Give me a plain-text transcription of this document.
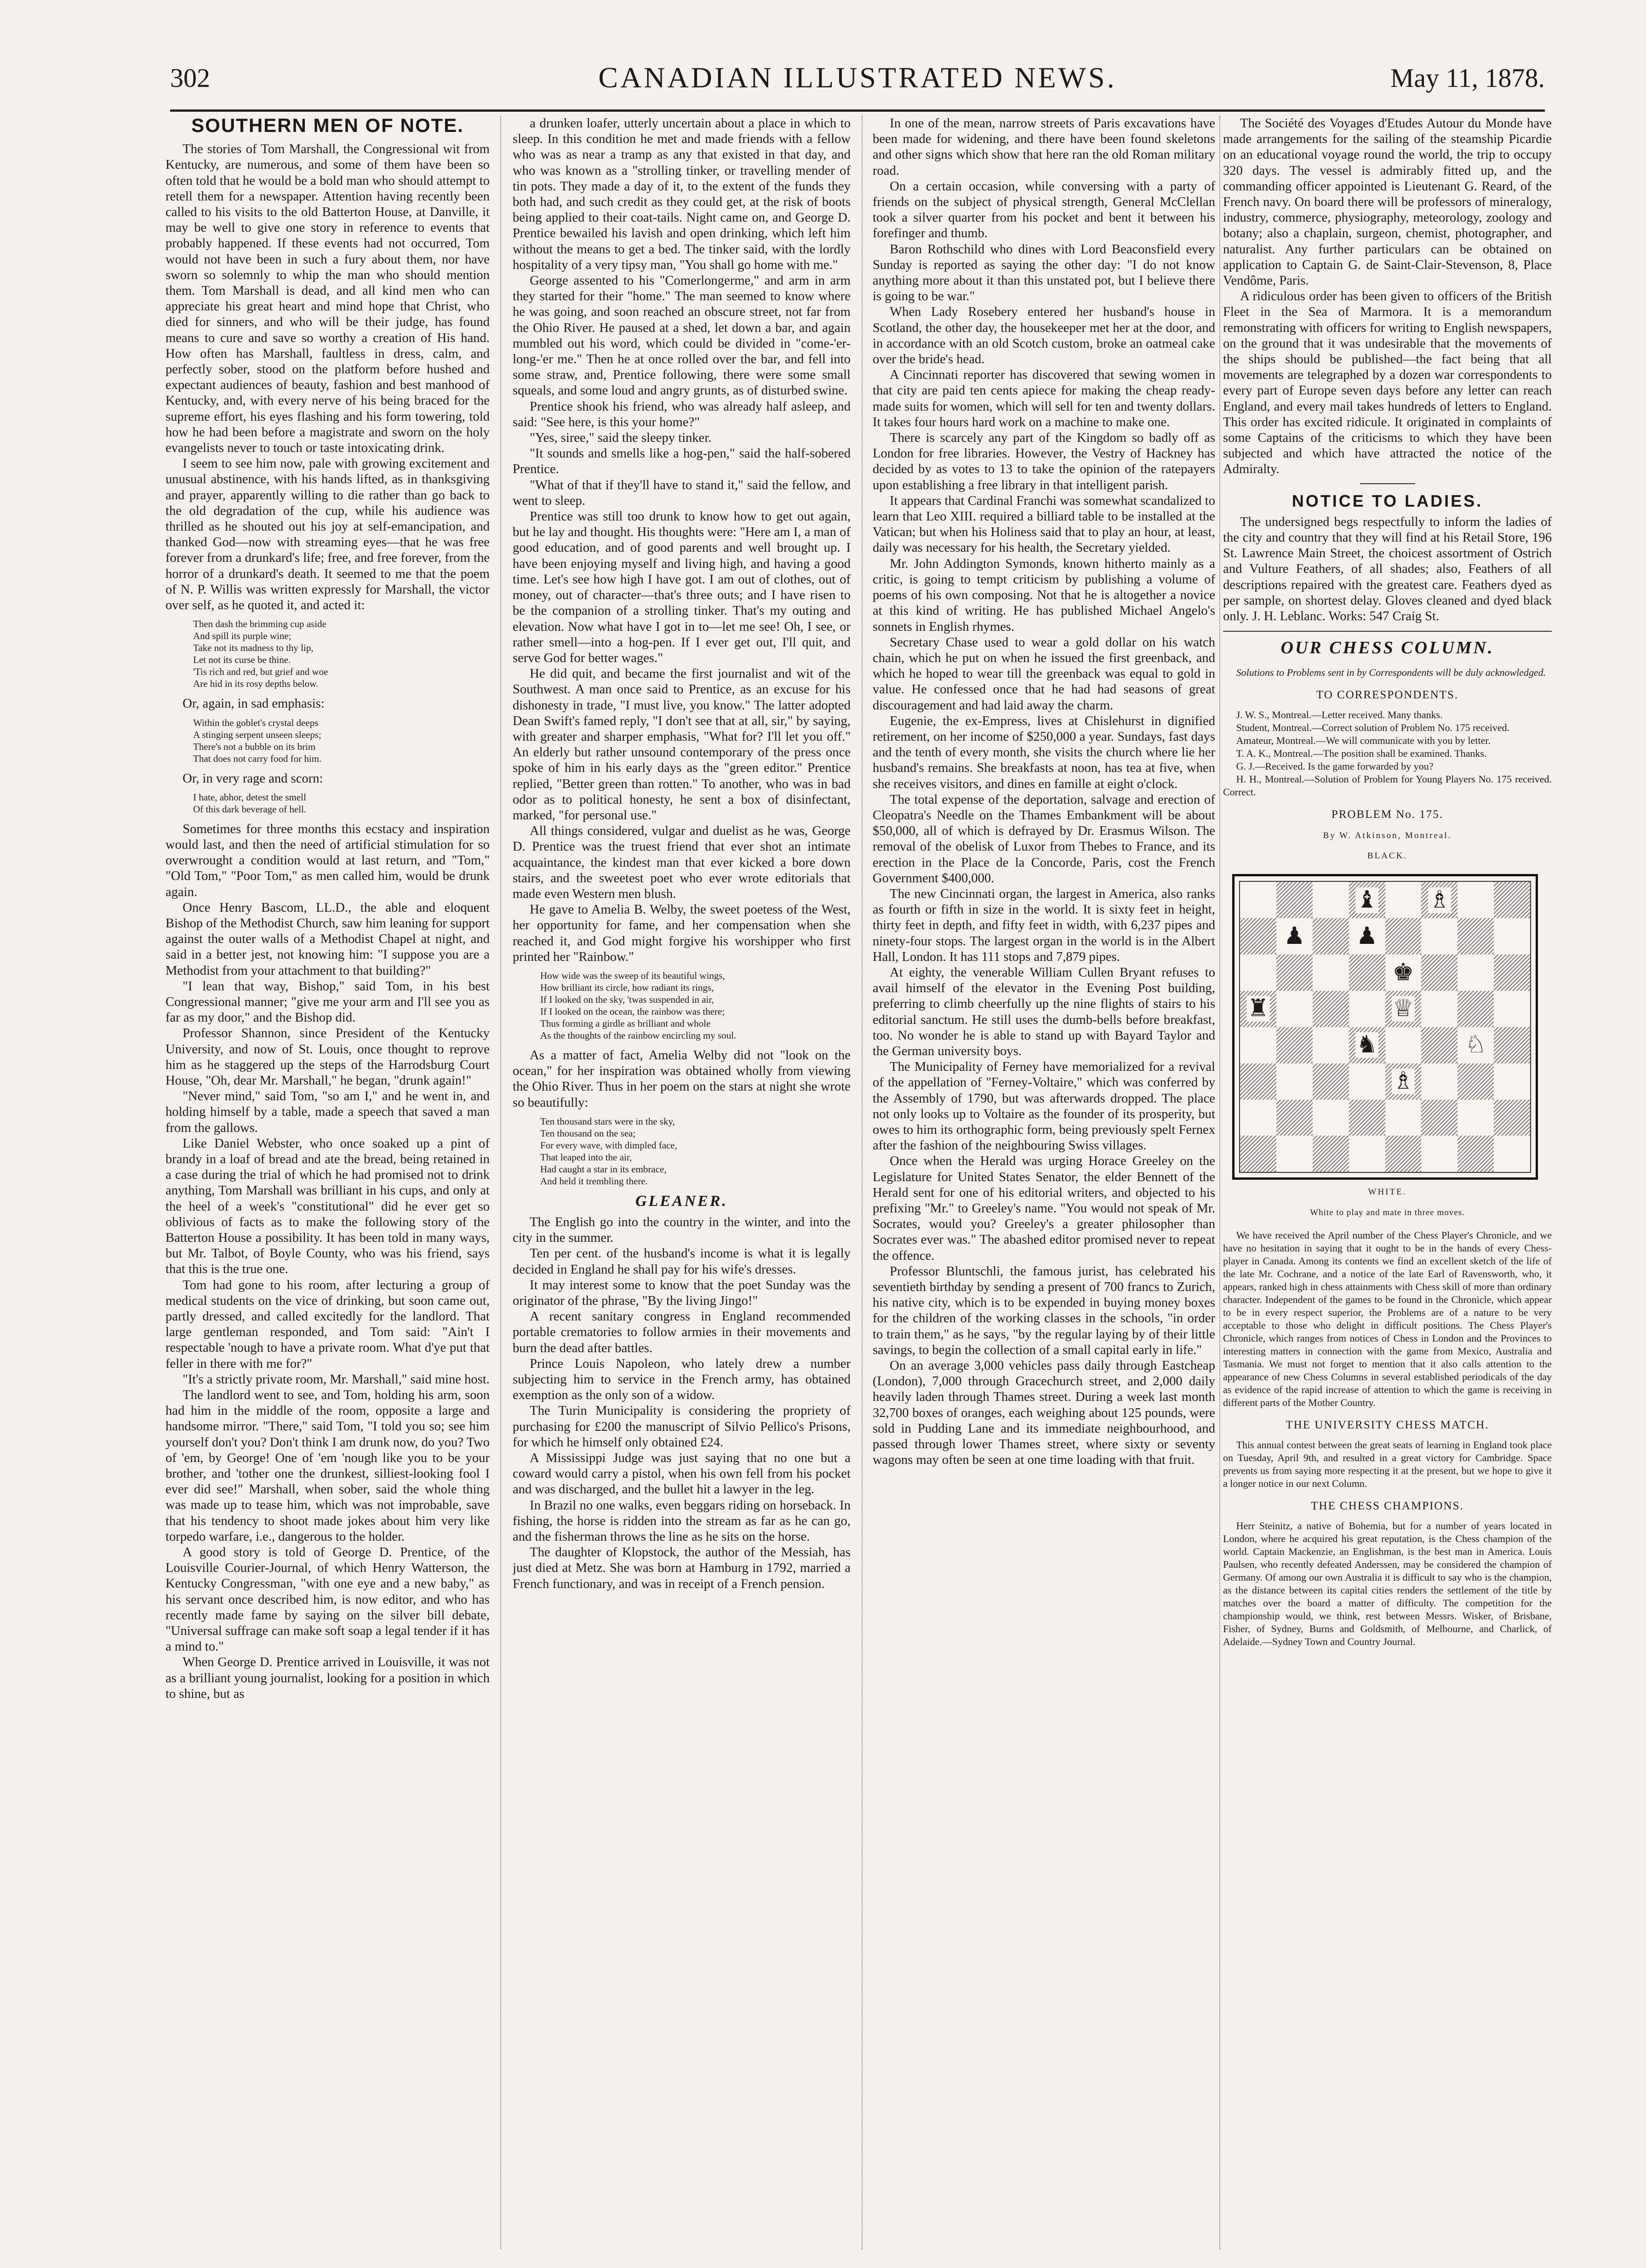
302	CANADIAN ILLUSTRATED NEWS.	May 11, 1878.
SOUTHERN MEN OF NOTE.

The stories of Tom Marshall, the Congressional wit from Kentucky, are numerous, and some of them have been so often told that he would be a bold man who should attempt to retell them for a newspaper. Attention having recently been called to his visits to the old Batterton House, at Danville, it may be well to give one story in reference to events that probably happened. If these events had not occurred, Tom would not have been in such a fury about them, nor have sworn so solemnly to whip the man who should mention them. Tom Marshall is dead, and all kind men who can appreciate his great heart and mind hope that Christ, who died for sinners, and who will be their judge, has found means to cure and save so worthy a creation of His hand. How often has Marshall, faultless in dress, calm, and perfectly sober, stood on the platform before hushed and expectant audiences of beauty, fashion and best manhood of Kentucky, and, with every nerve of his being braced for the supreme effort, his eyes flashing and his form towering, told how he had been before a magistrate and sworn on the holy evangelists never to touch or taste intoxicating drink.

I seem to see him now, pale with growing excitement and unusual abstinence, with his hands lifted, as in thanksgiving and prayer, apparently willing to die rather than go back to the old degradation of the cup, while his audience was thrilled as he shouted out his joy at self-emancipation, and thanked God—now with streaming eyes—that he was free forever from a drunkard's life; free, and free forever, from the horror of a drunkard's death. It seemed to me that the poem of N. P. Willis was written expressly for Marshall, the victor over self, as he quoted it, and acted it:

Then dash the brimming cup aside
And spill its purple wine;
Take not its madness to thy lip,
Let not its curse be thine.
'Tis rich and red, but grief and woe
Are hid in its rosy depths below.

Or, again, in sad emphasis:

Within the goblet's crystal deeps
A stinging serpent unseen sleeps;
There's not a bubble on its brim
That does not carry food for him.

Or, in very rage and scorn:

I hate, abhor, detest the smell
Of this dark beverage of hell.

Sometimes for three months this ecstacy and inspiration would last, and then the need of artificial stimulation for so overwrought a condition would at last return, and "Tom," "Old Tom," "Poor Tom," as men called him, would be drunk again.

Once Henry Bascom, LL.D., the able and eloquent Bishop of the Methodist Church, saw him leaning for support against the outer walls of a Methodist Chapel at night, and said in a better jest, not knowing him: "I suppose you are a Methodist from your attachment to that building?"

"I lean that way, Bishop," said Tom, in his best Congressional manner; "give me your arm and I'll see you as far as my door," and the Bishop did.

Professor Shannon, since President of the Kentucky University, and now of St. Louis, once thought to reprove him as he staggered up the steps of the Harrodsburg Court House, "Oh, dear Mr. Marshall," he began, "drunk again!"

"Never mind," said Tom, "so am I," and he went in, and holding himself by a table, made a speech that saved a man from the gallows.

Like Daniel Webster, who once soaked up a pint of brandy in a loaf of bread and ate the bread, being retained in a case during the trial of which he had promised not to drink anything, Tom Marshall was brilliant in his cups, and only at the heel of a week's "constitutional" did he ever get so oblivious of facts as to make the following story of the Batterton House a possibility. It has been told in many ways, but Mr. Talbot, of Boyle County, who was his friend, says that this is the true one.

Tom had gone to his room, after lecturing a group of medical students on the vice of drinking, but soon came out, partly dressed, and called excitedly for the landlord. That large gentleman responded, and Tom said: "Ain't I respectable 'nough to have a private room. What d'ye put that feller in there with me for?"

"It's a strictly private room, Mr. Marshall," said mine host.

The landlord went to see, and Tom, holding his arm, soon had him in the middle of the room, opposite a large and handsome mirror. "There," said Tom, "I told you so; see him yourself don't you? Don't think I am drunk now, do you? Two of 'em, by George! One of 'em 'nough like you to be your brother, and 'tother one the drunkest, silliest-looking fool I ever did see!" Marshall, when sober, said the whole thing was made up to tease him, which was not improbable, save that his tendency to shoot made jokes about him very like torpedo warfare, i.e., dangerous to the holder.

A good story is told of George D. Prentice, of the Louisville Courier-Journal, of which Henry Watterson, the Kentucky Congressman, "with one eye and a new baby," as his servant once described him, is now editor, and who has recently made fame by saying on the silver bill debate, "Universal suffrage can make soft soap a legal tender if it has a mind to."

When George D. Prentice arrived in Louisville, it was not as a brilliant young journalist, looking for a position in which to shine, but as

a drunken loafer, utterly uncertain about a place in which to sleep. In this condition he met and made friends with a fellow who was as near a tramp as any that existed in that day, and who was known as a "strolling tinker, or travelling mender of tin pots. They made a day of it, to the extent of the funds they both had, and such credit as they could get, at the risk of boots being applied to their coat-tails. Night came on, and George D. Prentice bewailed his lavish and open drinking, which left him without the means to get a bed. The tinker said, with the lordly hospitality of a very tipsy man, "You shall go home with me."

George assented to his "Comerlongerme," and arm in arm they started for their "home." The man seemed to know where he was going, and soon reached an obscure street, not far from the Ohio River. He paused at a shed, let down a bar, and again mumbled out his word, which could be divided in "come-'er-long-'er me." Then he at once rolled over the bar, and fell into some straw, and, Prentice following, there were some small squeals, and some loud and angry grunts, as of disturbed swine.

Prentice shook his friend, who was already half asleep, and said: "See here, is this your home?"

"Yes, siree," said the sleepy tinker.

"It sounds and smells like a hog-pen," said the half-sobered Prentice.

"What of that if they'll have to stand it," said the fellow, and went to sleep.

Prentice was still too drunk to know how to get out again, but he lay and thought. His thoughts were: "Here am I, a man of good education, and of good parents and well brought up. I have been enjoying myself and living high, and having a good time. Let's see how high I have got. I am out of clothes, out of money, out of character—that's three outs; and I have risen to be the companion of a strolling tinker. That's my outing and elevation. Now what have I got in to—let me see! Oh, I see, or rather smell—into a hog-pen. If I ever get out, I'll quit, and serve God for better wages."

He did quit, and became the first journalist and wit of the Southwest. A man once said to Prentice, as an excuse for his dishonesty in trade, "I must live, you know." The latter adopted Dean Swift's famed reply, "I don't see that at all, sir," by saying, with greater and sharper emphasis, "What for? I'll let you off." An elderly but rather unsound contemporary of the press once spoke of him in his early days as the "green editor." Prentice replied, "Better green than rotten." To another, who was in bad odor as to political honesty, he sent a box of disinfectant, marked, "for personal use."

All things considered, vulgar and duelist as he was, George D. Prentice was the truest friend that ever shot an intimate acquaintance, the kindest man that ever kicked a bore down stairs, and the sweetest poet who ever wrote editorials that made even Western men blush.

He gave to Amelia B. Welby, the sweet poetess of the West, her opportunity for fame, and her compensation when she reached it, and God might forgive his worshipper who first printed her "Rainbow."

How wide was the sweep of its beautiful wings,
How brilliant its circle, how radiant its rings,
If I looked on the sky, 'twas suspended in air,
If I looked on the ocean, the rainbow was there;
Thus forming a girdle as brilliant and whole
As the thoughts of the rainbow encircling my soul.

As a matter of fact, Amelia Welby did not "look on the ocean," for her inspiration was obtained wholly from viewing the Ohio River. Thus in her poem on the stars at night she wrote so beautifully:

Ten thousand stars were in the sky,
Ten thousand on the sea;
For every wave, with dimpled face,
That leaped into the air,
Had caught a star in its embrace,
And held it trembling there.
GLEANER.

The English go into the country in the winter, and into the city in the summer.

Ten per cent. of the husband's income is what it is legally decided in England he shall pay for his wife's dresses.

It may interest some to know that the poet Sunday was the originator of the phrase, "By the living Jingo!"

A recent sanitary congress in England recommended portable crematories to follow armies in their movements and burn the dead after battles.

Prince Louis Napoleon, who lately drew a number subjecting him to service in the French army, has obtained exemption as the only son of a widow.

The Turin Municipality is considering the propriety of purchasing for £200 the manuscript of Silvio Pellico's Prisons, for which he himself only obtained £24.

A Mississippi Judge was just saying that no one but a coward would carry a pistol, when his own fell from his pocket and was discharged, and the bullet hit a lawyer in the leg.

In Brazil no one walks, even beggars riding on horseback. In fishing, the horse is ridden into the stream as far as he can go, and the fisherman throws the line as he sits on the horse.

The daughter of Klopstock, the author of the Messiah, has just died at Metz. She was born at Hamburg in 1792, married a French functionary, and was in receipt of a French pension.

In one of the mean, narrow streets of Paris excavations have been made for widening, and there have been found skeletons and other signs which show that here ran the old Roman military road.

On a certain occasion, while conversing with a party of friends on the subject of physical strength, General McClellan took a silver quarter from his pocket and bent it between his forefinger and thumb.

Baron Rothschild who dines with Lord Beaconsfield every Sunday is reported as saying the other day: "I do not know anything more about it than this unstated pot, but I believe there is going to be war."

When Lady Rosebery entered her husband's house in Scotland, the other day, the housekeeper met her at the door, and in accordance with an old Scotch custom, broke an oatmeal cake over the bride's head.

A Cincinnati reporter has discovered that sewing women in that city are paid ten cents apiece for making the cheap ready-made suits for women, which will sell for ten and twenty dollars. It takes four hours hard work on a machine to make one.

There is scarcely any part of the Kingdom so badly off as London for free libraries. However, the Vestry of Hackney has decided by as votes to 13 to take the opinion of the ratepayers upon establishing a free library in that intelligent parish.

It appears that Cardinal Franchi was somewhat scandalized to learn that Leo XIII. required a billiard table to be installed at the Vatican; but when his Holiness said that to play an hour, at least, daily was necessary for his health, the Secretary yielded.

Mr. John Addington Symonds, known hitherto mainly as a critic, is going to tempt criticism by publishing a volume of poems of his own composing. Not that he is altogether a novice at this kind of writing. He has published Michael Angelo's sonnets in English rhymes.

Secretary Chase used to wear a gold dollar on his watch chain, which he put on when he issued the first greenback, and which he hoped to wear till the greenback was equal to gold in value. He confessed once that he had had seasons of great discouragement and had laid away the charm.

Eugenie, the ex-Empress, lives at Chislehurst in dignified retirement, on her income of $250,000 a year. Sundays, fast days and the tenth of every month, she visits the church where lie her husband's remains. She breakfasts at noon, has tea at five, when she receives visitors, and dines en famille at eight o'clock.

The total expense of the deportation, salvage and erection of Cleopatra's Needle on the Thames Embankment will be about $50,000, all of which is defrayed by Dr. Erasmus Wilson. The removal of the obelisk of Luxor from Thebes to France, and its erection in the Place de la Concorde, Paris, cost the French Government $400,000.

The new Cincinnati organ, the largest in America, also ranks as fourth or fifth in size in the world. It is sixty feet in height, thirty feet in depth, and fifty feet in width, with 6,237 pipes and ninety-four stops. The largest organ in the world is in the Albert Hall, London. It has 111 stops and 7,879 pipes.

At eighty, the venerable William Cullen Bryant refuses to avail himself of the elevator in the Evening Post building, preferring to climb cheerfully up the nine flights of stairs to his editorial sanctum. He still uses the dumb-bells before breakfast, too. No wonder he is able to stand up with Bayard Taylor and the German university boys.

The Municipality of Ferney have memorialized for a revival of the appellation of "Ferney-Voltaire," which was conferred by the Assembly of 1790, but was afterwards dropped. The place not only looks up to Voltaire as the founder of its prosperity, but owes to him its orthographic form, being previously spelt Fernex after the fashion of the neighbouring Swiss villages.

Once when the Herald was urging Horace Greeley on the Legislature for United States Senator, the elder Bennett of the Herald sent for one of his editorial writers, and objected to his prefixing "Mr." to Greeley's name. "You would not speak of Mr. Socrates, would you? Greeley's a greater philosopher than Socrates ever was." The abashed editor promised never to repeat the offence.

Professor Bluntschli, the famous jurist, has celebrated his seventieth birthday by sending a present of 700 francs to Zurich, his native city, which is to be expended in buying money boxes for the children of the working classes in the schools, "in order to train them," as he says, "by the regular laying by of their little savings, to begin the collection of a small capital early in life."

On an average 3,000 vehicles pass daily through Eastcheap (London), 7,000 through Gracechurch street, and 2,000 daily heavily laden through Thames street. During a week last month 32,700 boxes of oranges, each weighing about 125 pounds, were sold in Pudding Lane and its immediate neighbourhood, and passed through lower Thames street, where sixty or seventy wagons may often be seen at one time loading with that fruit.

The Société des Voyages d'Etudes Autour du Monde have made arrangements for the sailing of the steamship Picardie on an educational voyage round the world, the trip to occupy 320 days. The vessel is admirably fitted up, and the commanding officer appointed is Lieutenant G. Reard, of the French navy. On board there will be professors of mineralogy, industry, commerce, physiography, meteorology, zoology and botany; also a chaplain, surgeon, chemist, photographer, and naturalist. Any further particulars can be obtained on application to Captain G. de Saint-Clair-Stevenson, 8, Place Vendôme, Paris.

A ridiculous order has been given to officers of the British Fleet in the Sea of Marmora. It is a memorandum remonstrating with officers for writing to English newspapers, on the ground that it was undesirable that the movements of the ships should be published—the fact being that all movements are telegraphed by a dozen war correspondents to every part of Europe seven days before any letter can reach England, and every mail takes hundreds of letters to England. This order has excited ridicule. It originated in complaints of some Captains of the criticisms to which they have been subjected and which have attracted the notice of the Admiralty.

NOTICE TO LADIES.

The undersigned begs respectfully to inform the ladies of the city and country that they will find at his Retail Store, 196 St. Lawrence Main Street, the choicest assortment of Ostrich and Vulture Feathers, of all shades; also, Feathers of all descriptions repaired with the greatest care. Feathers dyed as per sample, on shortest delay. Gloves cleaned and dyed black only. J. H. Leblanc. Works: 547 Craig St.

OUR CHESS COLUMN.

Solutions to Problems sent in by Correspondents will be duly acknowledged.

TO CORRESPONDENTS.

J. W. S., Montreal.—Letter received. Many thanks.

Student, Montreal.—Correct solution of Problem No. 175 received.

Amateur, Montreal.—We will communicate with you by letter.

T. A. K., Montreal.—The position shall be examined. Thanks.

G. J.—Received. Is the game forwarded by you?

H. H., Montreal.—Solution of Problem for Young Players No. 175 received. Correct.

PROBLEM No. 175.
By W. Atkinson, Montreal.
BLACK.
♝ ♗
♟ ♟
♚
♜	♕
♞	♘
♗
WHITE.
White to play and mate in three moves.

We have received the April number of the Chess Player's Chronicle, and we have no hesitation in saying that it ought to be in the hands of every Chess-player in Canada. Among its contents we find an excellent sketch of the life of the late Mr. Cochrane, and a notice of the late Earl of Ravensworth, who, it appears, ranked high in chess attainments with Chess skill of more than ordinary character. Independent of the games to be found in the Chronicle, which appear to be in every respect superior, the Problems are of a nature to be very acceptable to those who delight in difficult positions. The Chess Player's Chronicle, which ranges from notices of Chess in London and the Provinces to interesting matters in connection with the game from Mexico, Australia and Tasmania. We must not forget to mention that it also calls attention to the appearance of new Chess Columns in several established periodicals of the day as evidence of the rapid increase of attention to which the game is receiving in different parts of the Mother Country.

THE UNIVERSITY CHESS MATCH.

This annual contest between the great seats of learning in England took place on Tuesday, April 9th, and resulted in a great victory for Cambridge. Space prevents us from saying more respecting it at the present, but we hope to give it a longer notice in our next Column.

THE CHESS CHAMPIONS.

Herr Steinitz, a native of Bohemia, but for a number of years located in London, where he acquired his great reputation, is the Chess champion of the world. Captain Mackenzie, an Englishman, is the best man in America. Louis Paulsen, who recently defeated Anderssen, may be considered the champion of Germany. Of among our own Australia it is difficult to say who is the champion, as the distance between its capital cities renders the settlement of the title by matches over the board a matter of difficulty. The competition for the championship would, we think, rest between Messrs. Wisker, of Brisbane, Fisher, of Sydney, Burns and Goldsmith, of Melbourne, and Charlick, of Adelaide.—Sydney Town and Country Journal.
